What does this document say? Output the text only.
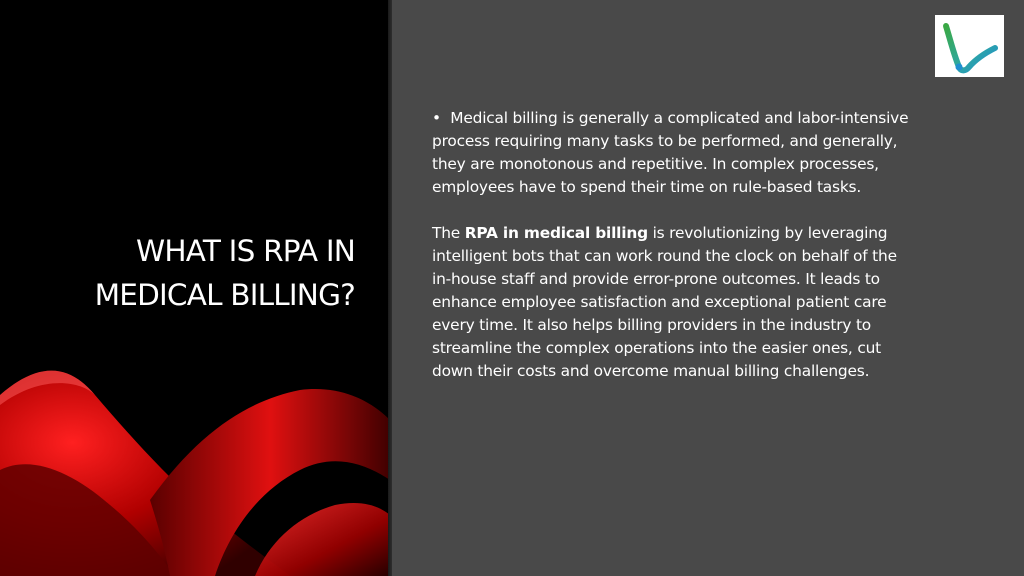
WHAT IS RPA IN
MEDICAL BILLING?

• Medical billing is generally a complicated and labor-intensive process requiring many tasks to be performed, and generally, they are monotonous and repetitive. In complex processes, employees have to spend their time on rule-based tasks.

The RPA in medical billing is revolutionizing by leveraging intelligent bots that can work round the clock on behalf of the in-house staff and provide error-prone outcomes. It leads to enhance employee satisfaction and exceptional patient care every time. It also helps billing providers in the industry to streamline the complex operations into the easier ones, cut down their costs and overcome manual billing challenges.
